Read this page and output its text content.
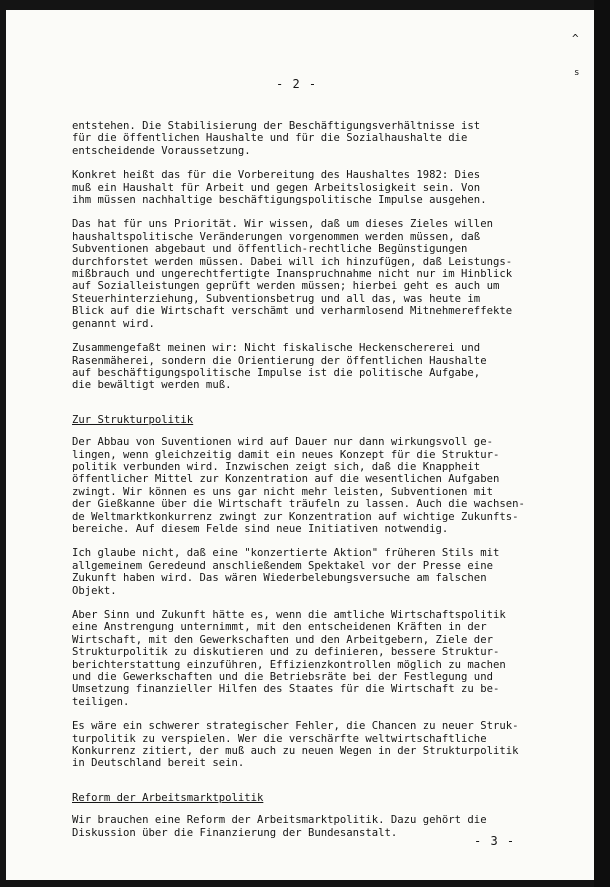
^
s
- 2 -

entstehen. Die Stabilisierung der Beschäftigungsverhältnisse ist
für die öffentlichen Haushalte und für die Sozialhaushalte die
entscheidende Voraussetzung.

Konkret heißt das für die Vorbereitung des Haushaltes 1982: Dies
muß ein Haushalt für Arbeit und gegen Arbeitslosigkeit sein. Von
ihm müssen nachhaltige beschäftigungspolitische Impulse ausgehen.

Das hat für uns Priorität. Wir wissen, daß um dieses Zieles willen
haushaltspolitische Veränderungen vorgenommen werden müssen, daß
Subventionen abgebaut und öffentlich-rechtliche Begünstigungen
durchforstet werden müssen. Dabei will ich hinzufügen, daß Leistungs-
mißbrauch und ungerechtfertigte Inanspruchnahme nicht nur im Hinblick
auf Sozialleistungen geprüft werden müssen; hierbei geht es auch um
Steuerhinterziehung, Subventionsbetrug und all das, was heute im
Blick auf die Wirtschaft verschämt und verharmlosend Mitnehmereffekte
genannt wird.

Zusammengefaßt meinen wir: Nicht fiskalische Heckenschererei und
Rasenmäherei, sondern die Orientierung der öffentlichen Haushalte
auf beschäftigungspolitische Impulse ist die politische Aufgabe,
die bewältigt werden muß.

Zur Strukturpolitik

Der Abbau von Suventionen wird auf Dauer nur dann wirkungsvoll ge-
lingen, wenn gleichzeitig damit ein neues Konzept für die Struktur-
politik verbunden wird. Inzwischen zeigt sich, daß die Knappheit
öffentlicher Mittel zur Konzentration auf die wesentlichen Aufgaben
zwingt. Wir können es uns gar nicht mehr leisten, Subventionen mit
der Gießkanne über die Wirtschaft träufeln zu lassen. Auch die wachsen-
de Weltmarktkonkurrenz zwingt zur Konzentration auf wichtige Zukunfts-
bereiche. Auf diesem Felde sind neue Initiativen notwendig.

Ich glaube nicht, daß eine "konzertierte Aktion" früheren Stils mit
allgemeinem Geredeund anschließendem Spektakel vor der Presse eine
Zukunft haben wird. Das wären Wiederbelebungsversuche am falschen
Objekt.

Aber Sinn und Zukunft hätte es, wenn die amtliche Wirtschaftspolitik
eine Anstrengung unternimmt, mit den entscheidenen Kräften in der
Wirtschaft, mit den Gewerkschaften und den Arbeitgebern, Ziele der
Strukturpolitik zu diskutieren und zu definieren, bessere Struktur-
berichterstattung einzuführen, Effizienzkontrollen möglich zu machen
und die Gewerkschaften und die Betriebsräte bei der Festlegung und
Umsetzung finanzieller Hilfen des Staates für die Wirtschaft zu be-
teiligen.

Es wäre ein schwerer strategischer Fehler, die Chancen zu neuer Struk-
turpolitik zu verspielen. Wer die verschärfte weltwirtschaftliche
Konkurrenz zitiert, der muß auch zu neuen Wegen in der Strukturpolitik
in Deutschland bereit sein.

Reform der Arbeitsmarktpolitik

Wir brauchen eine Reform der Arbeitsmarktpolitik. Dazu gehört die
Diskussion über die Finanzierung der Bundesanstalt.

- 3 -
